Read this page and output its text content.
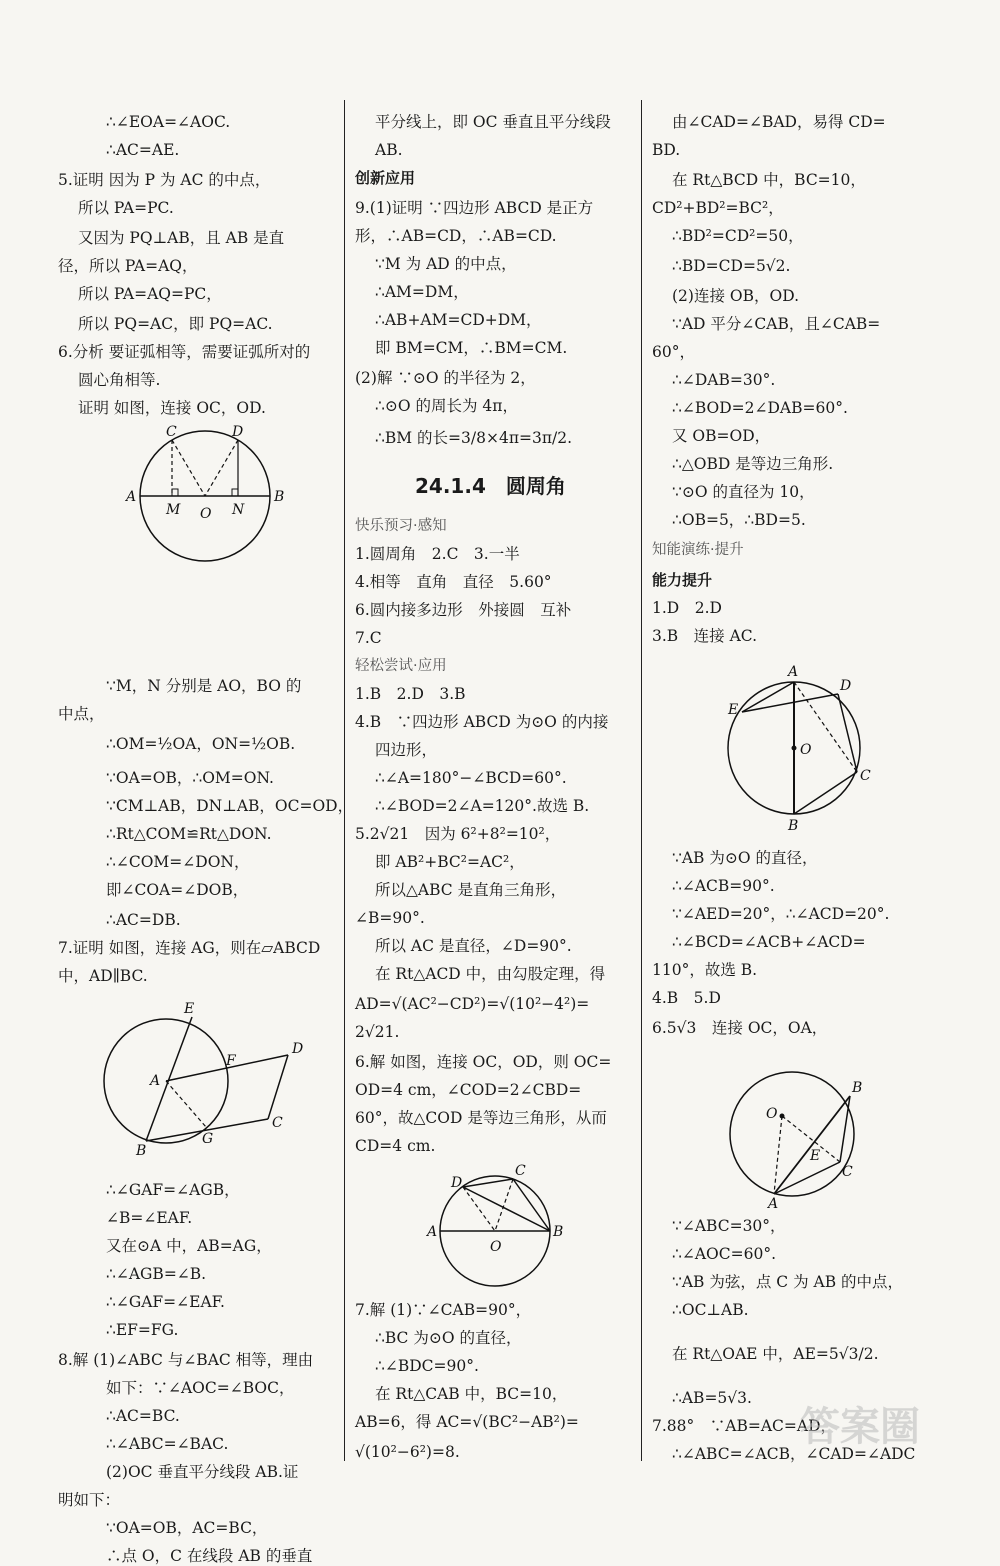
∴∠EOA=∠AOC.
∴AC=AE.
5.证明 因为 P 为 AC 的中点，
所以 PA=PC.
又因为 PQ⊥AB，且 AB 是直
径，所以 PA=AQ，
所以 PA=AQ=PC，
所以 PQ=AC，即 PQ=AC.
6.分析 要证弧相等，需要证弧所对的
圆心角相等.
证明 如图，连接 OC，OD.
C	D
A	B
M O N
∵M，N 分别是 AO，BO 的
中点，
∴OM=½OA，ON=½OB.
∵OA=OB，∴OM=ON.
∵CM⊥AB，DN⊥AB，OC=OD，
∴Rt△COM≌Rt△DON.
∴∠COM=∠DON，
即∠COA=∠DOB，
∴AC=DB.
7.证明 如图，连接 AG，则在▱ABCD
中，AD∥BC.
E
F
D
A
C
B
G
∴∠GAF=∠AGB，
∠B=∠EAF.
又在⊙A 中，AB=AG，
∴∠AGB=∠B.
∴∠GAF=∠EAF.
∴EF=FG.
8.解 (1)∠ABC 与∠BAC 相等，理由
如下：∵∠AOC=∠BOC，
∴AC=BC.
∴∠ABC=∠BAC.
(2)OC 垂直平分线段 AB.证
明如下：
∵OA=OB，AC=BC，
∴点 O，C 在线段 AB 的垂直
平分线上，即 OC 垂直且平分线段
AB.
创新应用
9.(1)证明 ∵四边形 ABCD 是正方
形，∴AB=CD，∴AB=CD.
∵M 为 AD 的中点，
∴AM=DM，
∴AB+AM=CD+DM，
即 BM=CM，∴BM=CM.
(2)解 ∵⊙O 的半径为 2，
∴⊙O 的周长为 4π，
∴BM 的长=3/8×4π=3π/2.
24.1.4　圆周角
快乐预习·感知
1.圆周角　2.C　3.一半
4.相等　直角　直径　5.60°
6.圆内接多边形　外接圆　互补
7.C
轻松尝试·应用
1.B　2.D　3.B
4.B　∵四边形 ABCD 为⊙O 的内接
四边形，
∴∠A=180°−∠BCD=60°.
∴∠BOD=2∠A=120°.故选 B.
5.2√21　因为 6²+8²=10²，
即 AB²+BC²=AC²，
所以△ABC 是直角三角形，
∠B=90°.
所以 AC 是直径，∠D=90°.
在 Rt△ACD 中，由勾股定理，得
AD=√(AC²−CD²)=√(10²−4²)=
2√21.
6.解 如图，连接 OC，OD，则 OC=
OD=4 cm，∠COD=2∠CBD=
60°，故△COD 是等边三角形，从而
CD=4 cm.
C
D
A	B
O
7.解 (1)∵∠CAB=90°，
∴BC 为⊙O 的直径，
∴∠BDC=90°.
在 Rt△CAB 中，BC=10，
AB=6，得 AC=√(BC²−AB²)=
√(10²−6²)=8.
由∠CAD=∠BAD，易得 CD=
BD.
在 Rt△BCD 中，BC=10，
CD²+BD²=BC²，
∴BD²=CD²=50，
∴BD=CD=5√2.
(2)连接 OB，OD.
∵AD 平分∠CAB，且∠CAB=
60°，
∴∠DAB=30°.
∴∠BOD=2∠DAB=60°.
又 OB=OD，
∴△OBD 是等边三角形.
∵⊙O 的直径为 10，
∴OB=5，∴BD=5.
知能演练·提升
能力提升
1.D　2.D
3.B　连接 AC.
A
D
E
O
C
B
∵AB 为⊙O 的直径，
∴∠ACB=90°.
∵∠AED=20°，∴∠ACD=20°.
∴∠BCD=∠ACB+∠ACD=
110°，故选 B.
4.B　5.D
6.5√3　连接 OC，OA，
B
O
E
C
A
∵∠ABC=30°，
∴∠AOC=60°.
∵AB 为弦，点 C 为 AB 的中点，
∴OC⊥AB.
在 Rt△OAE 中，AE=5√3/2.
∴AB=5√3.
7.88°　∵AB=AC=AD，
∴∠ABC=∠ACB，∠CAD=∠ADC
答案圈
